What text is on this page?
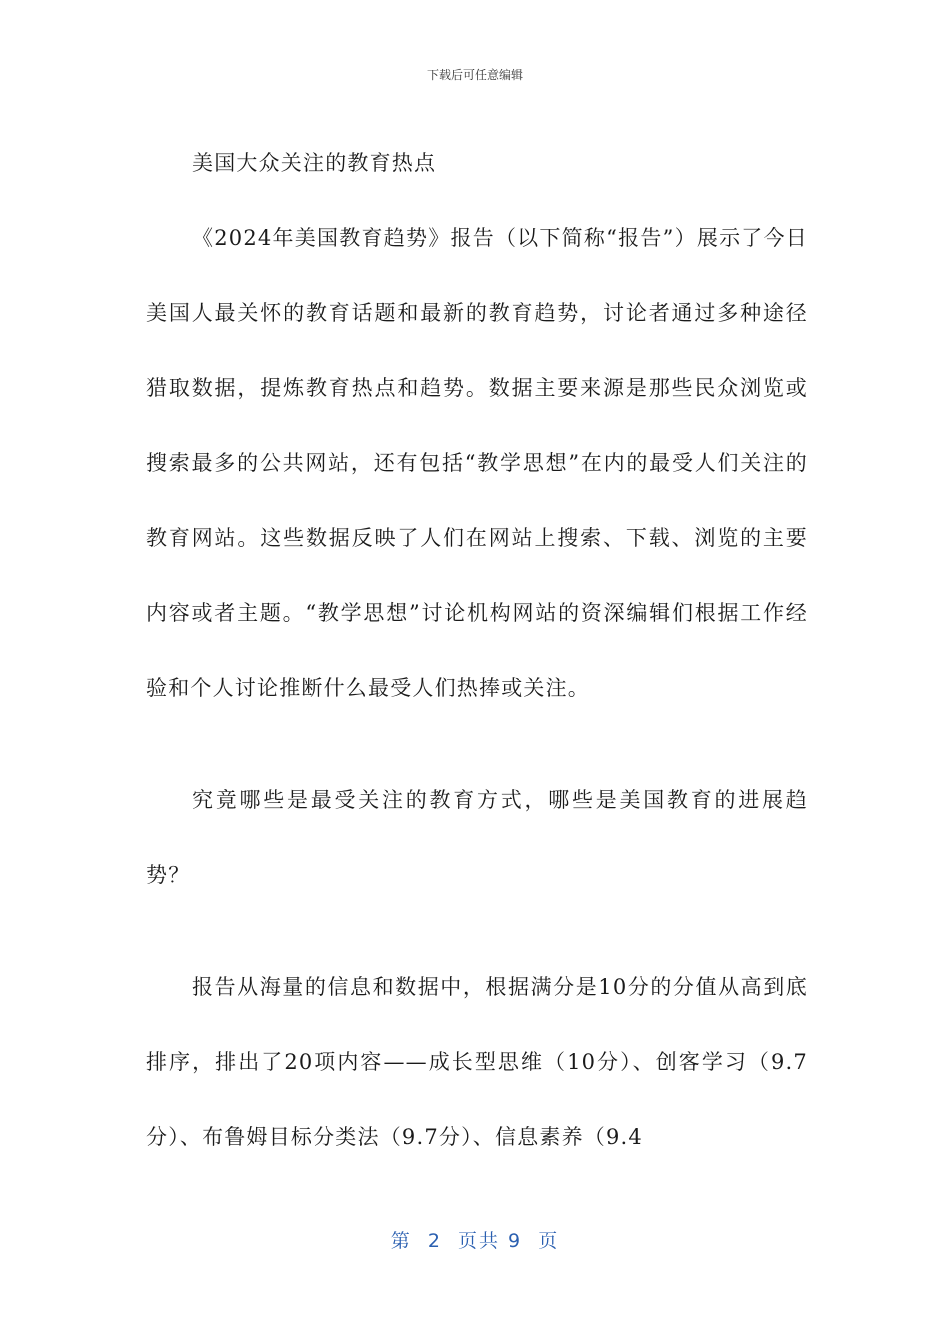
下载后可任意编辑

美国大众关注的教育热点

《2024年美国教育趋势》报告（以下简称“报告”）展示了今日美国人最关怀的教育话题和最新的教育趋势，讨论者通过多种途径猎取数据，提炼教育热点和趋势。数据主要来源是那些民众浏览或搜索最多的公共网站，还有包括“教学思想”在内的最受人们关注的教育网站。这些数据反映了人们在网站上搜索、下载、浏览的主要内容或者主题。“教学思想”讨论机构网站的资深编辑们根据工作经验和个人讨论推断什么最受人们热捧或关注。

究竟哪些是最受关注的教育方式，哪些是美国教育的进展趋势？

报告从海量的信息和数据中，根据满分是10分的分值从高到底排序，排出了20项内容——成长型思维（10分）、创客学习（9.7分）、布鲁姆目标分类法（9.7分）、信息素养（9.4

第  2  页共 9  页
